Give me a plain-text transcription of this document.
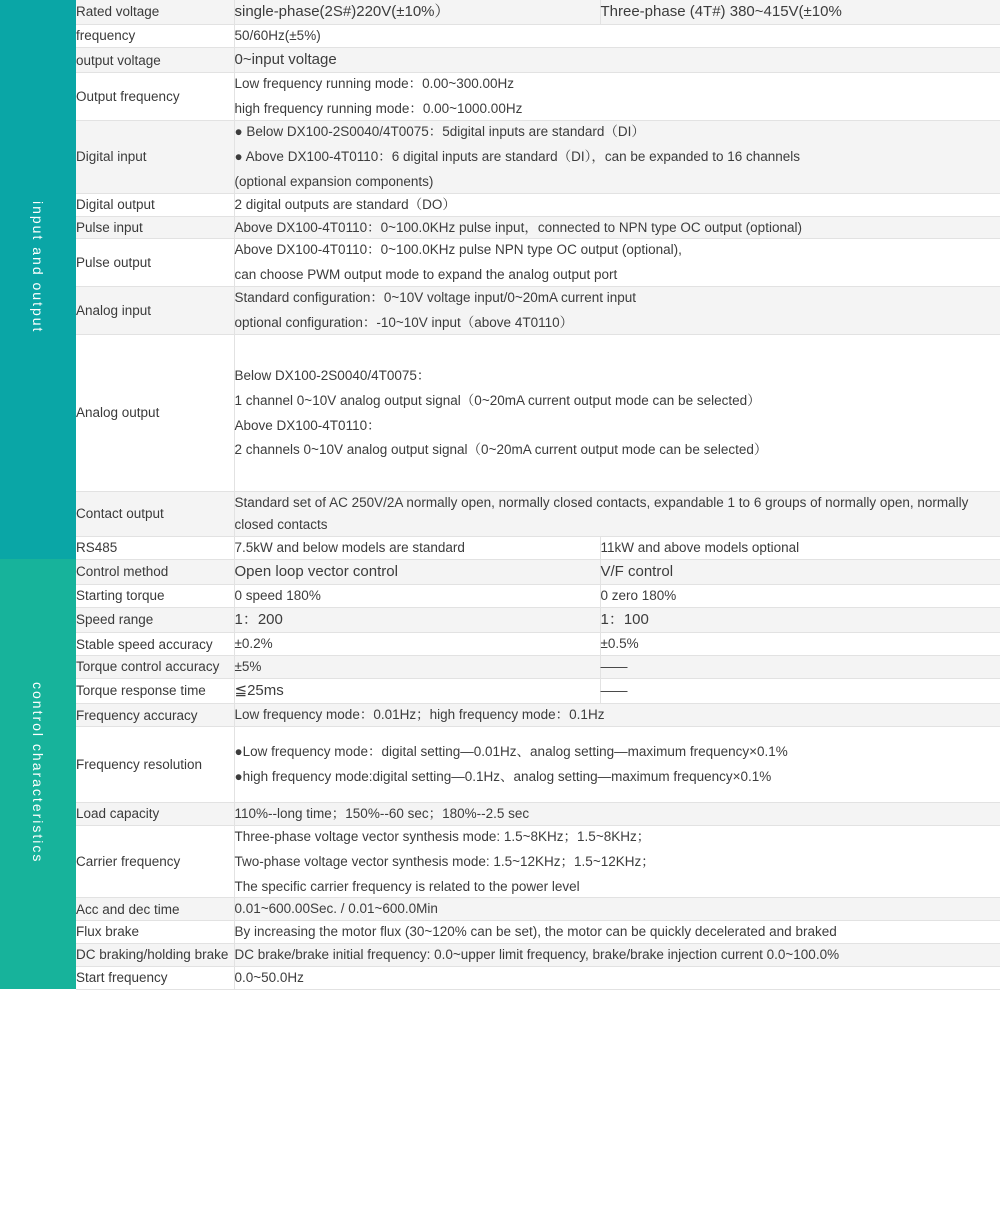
input and output	Rated voltage	single-phase(2S#)220V(±10%）	Three-phase (4T#) 380~415V(±10%
	frequency	50/60Hz(±5%)	
	output voltage	0~input voltage	
	Output frequency	Low frequency running mode：0.00~300.00Hz

high frequency running mode：0.00~1000.00Hz	

	Digital input	● Below DX100-2S0040/4T0075：5digital inputs are standard（DI）

● Above DX100-4T0110：6 digital inputs are standard（DI），can be expanded to 16 channels

(optional expansion components)	

	Digital output	2 digital outputs are standard（DO）	
	Pulse input	Above DX100-4T0110：0~100.0KHz pulse input，connected to NPN type OC output (optional)	
	Pulse output	Above DX100-4T0110：0~100.0KHz pulse NPN type OC output (optional),

can choose PWM output mode to expand the analog output port	

	Analog input	Standard configuration：0~10V voltage input/0~20mA current input

optional configuration：-10~10V input（above 4T0110）	

	Analog output	Below DX100-2S0040/4T0075：

1 channel 0~10V analog output signal（0~20mA current output mode can be selected）

Above DX100-4T0110：

2 channels 0~10V analog output signal（0~20mA current output mode can be selected）	

	Contact output	Standard set of AC 250V/2A normally open, normally closed contacts, expandable 1 to 6 groups of normally open, normally closed contacts	
	RS485	7.5kW and below models are standard	11kW and above models optional
control characteristics	Control method	Open loop vector control	V/F control
	Starting torque	0 speed 180%	0 zero 180%
	Speed range	1：200	1：100
	Stable speed accuracy	±0.2%	±0.5%
	Torque control accuracy	±5%	——
	Torque response time	≦25ms	——
	Frequency accuracy	Low frequency mode：0.01Hz；high frequency mode：0.1Hz	
	Frequency resolution	●Low frequency mode：digital setting—0.01Hz、analog setting—maximum frequency×0.1%

●high frequency mode:digital setting—0.1Hz、analog setting—maximum frequency×0.1%	

	Load capacity	110%--long time；150%--60 sec；180%--2.5 sec	
	Carrier frequency	Three-phase voltage vector synthesis mode: 1.5~8KHz；1.5~8KHz；

Two-phase voltage vector synthesis mode: 1.5~12KHz；1.5~12KHz；

The specific carrier frequency is related to the power level	

	Acc and dec time	0.01~600.00Sec. / 0.01~600.0Min	
	Flux brake	By increasing the motor flux (30~120% can be set), the motor can be quickly decelerated and braked	
	DC braking/holding brake	DC brake/brake initial frequency: 0.0~upper limit frequency, brake/brake injection current 0.0~100.0%	
	Start frequency	0.0~50.0Hz	
